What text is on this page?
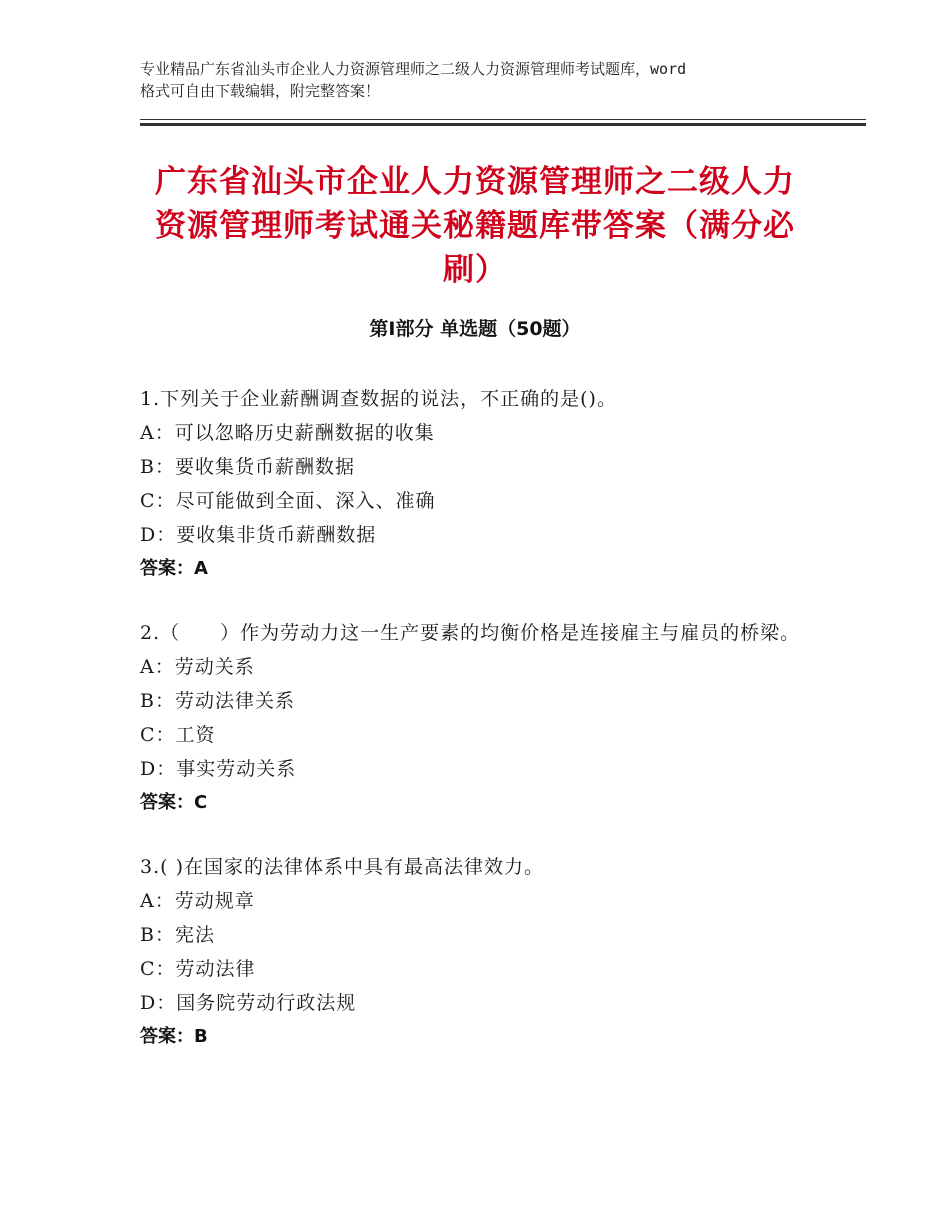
专业精品广东省汕头市企业人力资源管理师之二级人力资源管理师考试题库，word
格式可自由下载编辑，附完整答案！
广东省汕头市企业人力资源管理师之二级人力资源管理师考试通关秘籍题库带答案（满分必刷）
第Ⅰ部分 单选题（50题）
1.下列关于企业薪酬调查数据的说法，不正确的是()。
A：可以忽略历史薪酬数据的收集
B：要收集货币薪酬数据
C：尽可能做到全面、深入、准确
D：要收集非货币薪酬数据
答案：A
2.（　　）作为劳动力这一生产要素的均衡价格是连接雇主与雇员的桥梁。
A：劳动关系
B：劳动法律关系
C：工资
D：事实劳动关系
答案：C
3.( )在国家的法律体系中具有最高法律效力。
A：劳动规章
B：宪法
C：劳动法律
D：国务院劳动行政法规
答案：B
